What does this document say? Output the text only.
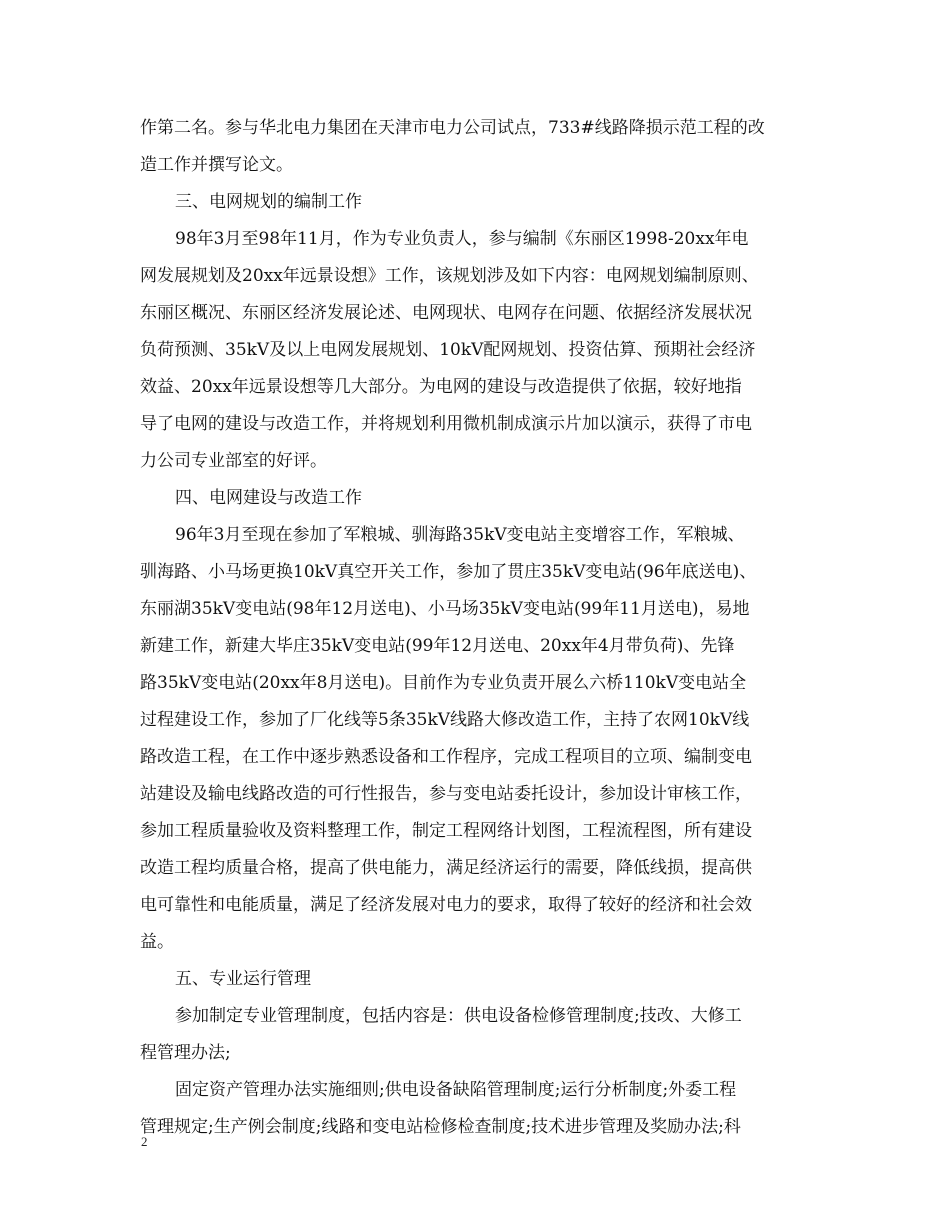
作第二名。参与华北电力集团在天津市电力公司试点，733#线路降损示范工程的改
造工作并撰写论文。
三、电网规划的编制工作
98年3月至98年11月，作为专业负责人，参与编制《东丽区1998-20xx年电
网发展规划及20xx年远景设想》工作，该规划涉及如下内容：电网规划编制原则、
东丽区概况、东丽区经济发展论述、电网现状、电网存在问题、依据经济发展状况
负荷预测、35kV及以上电网发展规划、10kV配网规划、投资估算、预期社会经济
效益、20xx年远景设想等几大部分。为电网的建设与改造提供了依据，较好地指
导了电网的建设与改造工作，并将规划利用微机制成演示片加以演示，获得了市电
力公司专业部室的好评。
四、电网建设与改造工作
96年3月至现在参加了军粮城、驯海路35kV变电站主变增容工作，军粮城、
驯海路、小马场更换10kV真空开关工作，参加了贯庄35kV变电站(96年底送电)、
东丽湖35kV变电站(98年12月送电)、小马场35kV变电站(99年11月送电)，易地
新建工作，新建大毕庄35kV变电站(99年12月送电、20xx年4月带负荷)、先锋
路35kV变电站(20xx年8月送电)。目前作为专业负责开展么六桥110kV变电站全
过程建设工作，参加了厂化线等5条35kV线路大修改造工作，主持了农网10kV线
路改造工程，在工作中逐步熟悉设备和工作程序，完成工程项目的立项、编制变电
站建设及输电线路改造的可行性报告，参与变电站委托设计，参加设计审核工作，
参加工程质量验收及资料整理工作，制定工程网络计划图，工程流程图，所有建设
改造工程均质量合格，提高了供电能力，满足经济运行的需要，降低线损，提高供
电可靠性和电能质量，满足了经济发展对电力的要求，取得了较好的经济和社会效
益。
五、专业运行管理
参加制定专业管理制度，包括内容是：供电设备检修管理制度;技改、大修工
程管理办法;
固定资产管理办法实施细则;供电设备缺陷管理制度;运行分析制度;外委工程
管理规定;生产例会制度;线路和变电站检修检查制度;技术进步管理及奖励办法;科
2
